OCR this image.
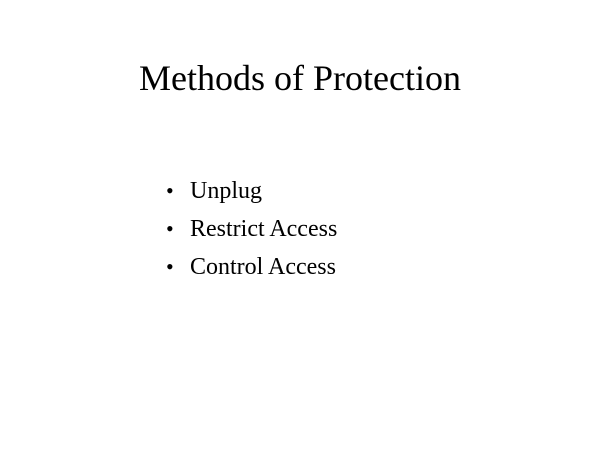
Methods of Protection
• Unplug
• Restrict Access
• Control Access
